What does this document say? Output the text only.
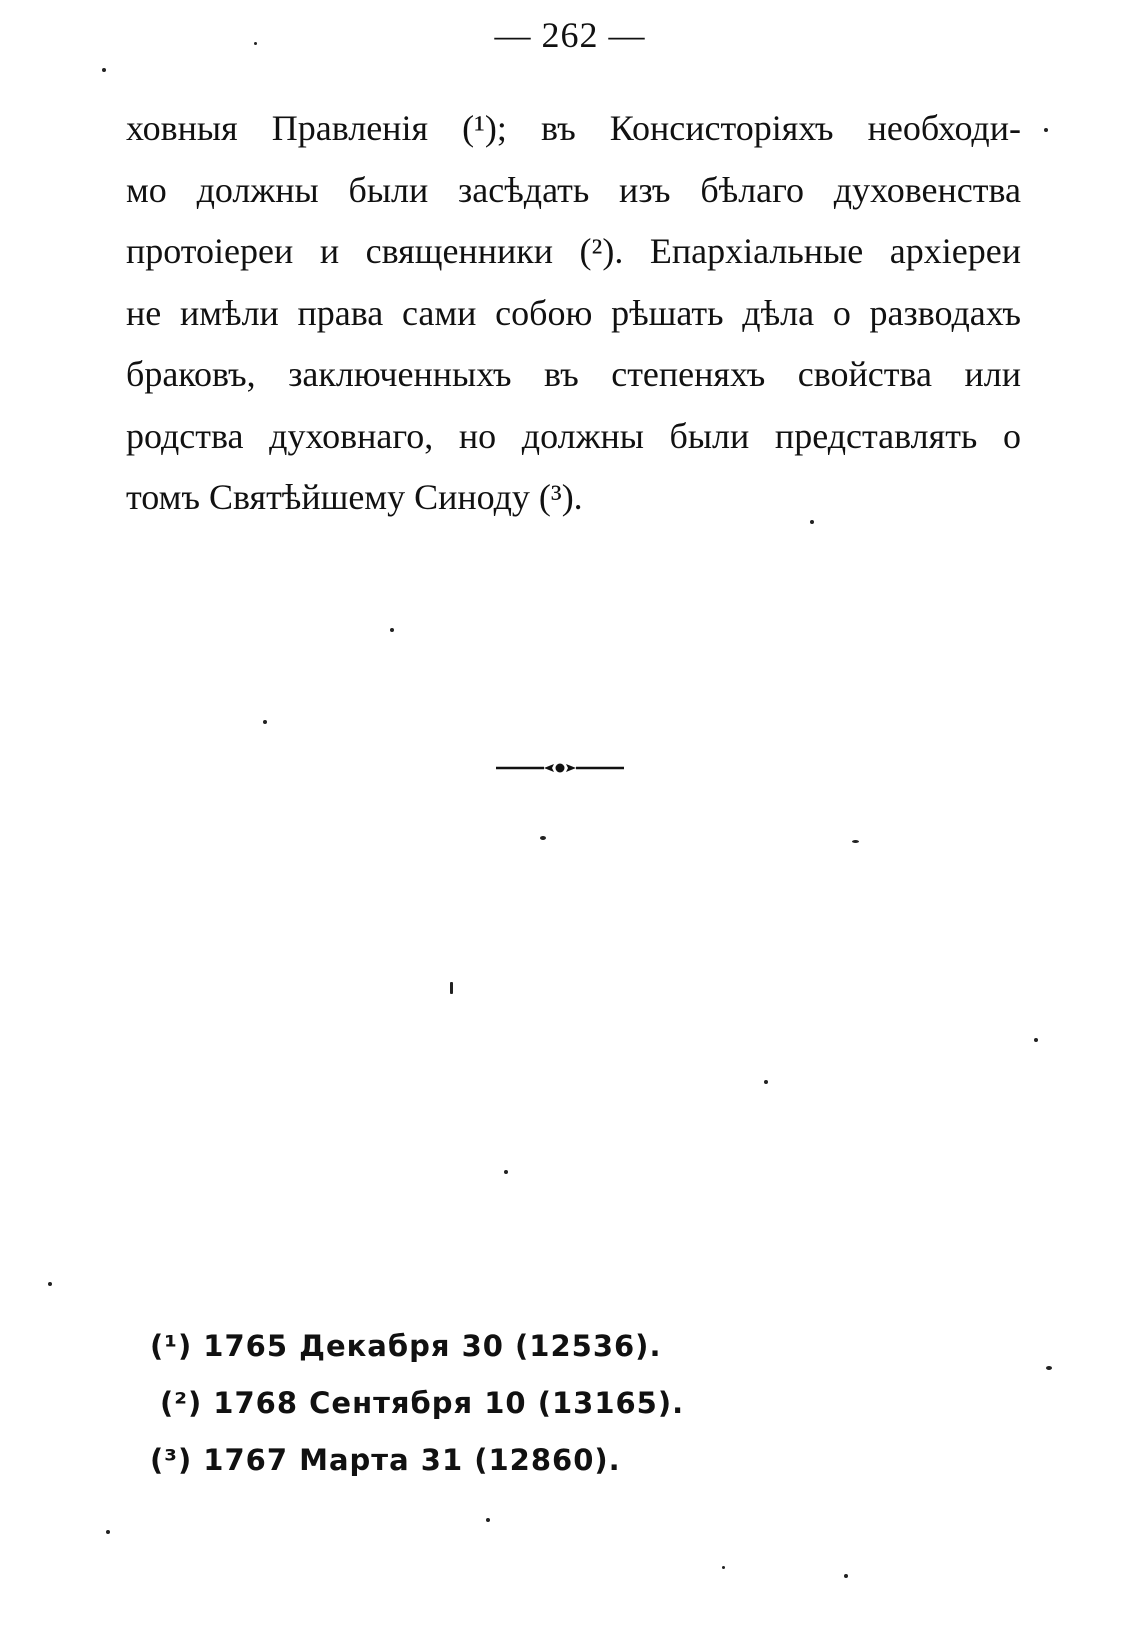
— 262 —
ховныя Правленія (¹); въ Консисторіяхъ необходи-
мо должны были засѣдать изъ бѣлаго духовенства
протоіереи и священники (²). Епархіальные архіереи
не имѣли права сами собою рѣшать дѣла о разводахъ
браковъ, заключенныхъ въ степеняхъ свойства или
родства духовнаго, но должны были представлять о
томъ Святѣйшему Синоду (³).
(¹) 1765 Декабря 30 (12536).
(²) 1768 Сентября 10 (13165).
(³) 1767 Марта 31 (12860).
